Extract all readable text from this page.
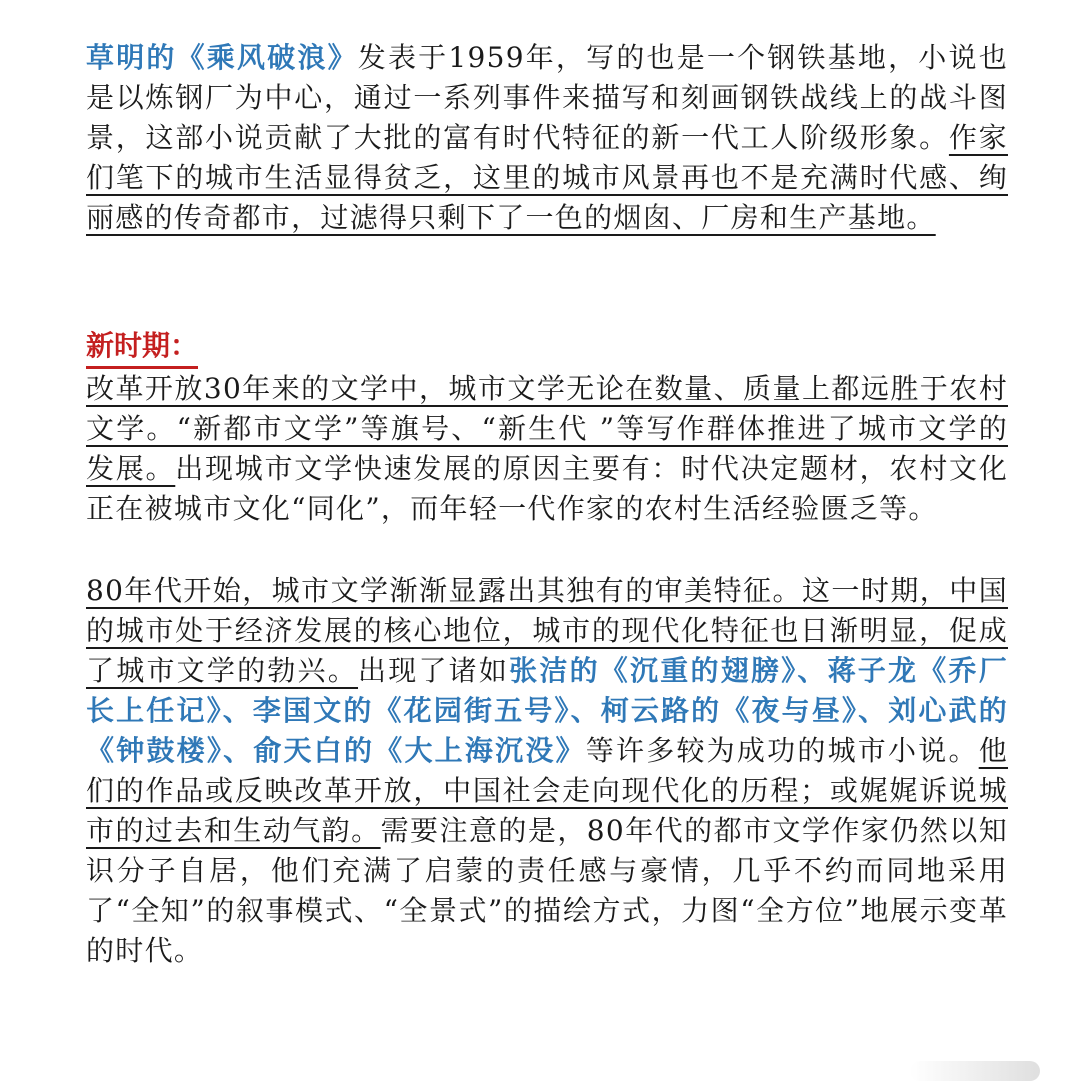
草明的《乘风破浪》发表于1959年，写的也是一个钢铁基地，小说也是以炼钢厂为中心，通过一系列事件来描写和刻画钢铁战线上的战斗图景，这部小说贡献了大批的富有时代特征的新一代工人阶级形象。作家们笔下的城市生活显得贫乏，这里的城市风景再也不是充满时代感、绚丽感的传奇都市，过滤得只剩下了一色的烟囱、厂房和生产基地。

新时期：

改革开放30年来的文学中，城市文学无论在数量、质量上都远胜于农村文学。“新都市文学”等旗号、“新生代 ”等写作群体推进了城市文学的发展。出现城市文学快速发展的原因主要有：时代决定题材，农村文化正在被城市文化“同化”，而年轻一代作家的农村生活经验匮乏等。

80年代开始，城市文学渐渐显露出其独有的审美特征。这一时期，中国的城市处于经济发展的核心地位，城市的现代化特征也日渐明显，促成了城市文学的勃兴。出现了诸如张洁的《沉重的翅膀》、蒋子龙《乔厂长上任记》、李国文的《花园街五号》、柯云路的《夜与昼》、刘心武的《钟鼓楼》、俞天白的《大上海沉没》等许多较为成功的城市小说。他们的作品或反映改革开放，中国社会走向现代化的历程；或娓娓诉说城市的过去和生动气韵。需要注意的是，80年代的都市文学作家仍然以知识分子自居，他们充满了启蒙的责任感与豪情，几乎不约而同地采用了“全知”的叙事模式、“全景式”的描绘方式，力图“全方位”地展示变革的时代。
